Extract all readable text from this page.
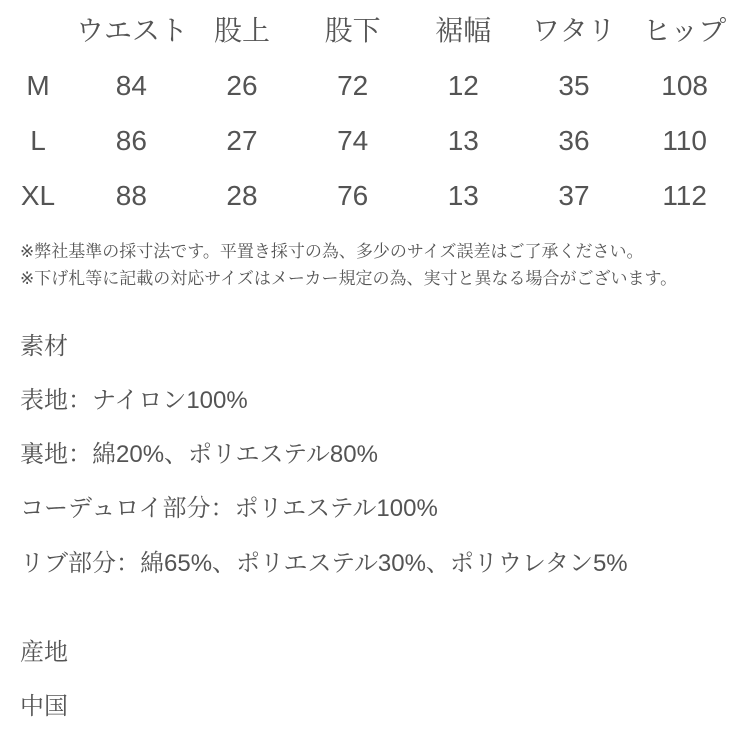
	ウエスト	股上	股下	裾幅	ワタリ	ヒップ
M	84	26	72	12	35	108
L	86	27	74	13	36	110
XL	88	28	76	13	37	112
※弊社基準の採寸法です。平置き採寸の為、多少のサイズ誤差はご了承ください。
※下げ札等に記載の対応サイズはメーカー規定の為、実寸と異なる場合がございます。
素材
表地：ナイロン100%
裏地：綿20%、ポリエステル80%
コーデュロイ部分：ポリエステル100%
リブ部分：綿65%、ポリエステル30%、ポリウレタン5%
産地
中国
